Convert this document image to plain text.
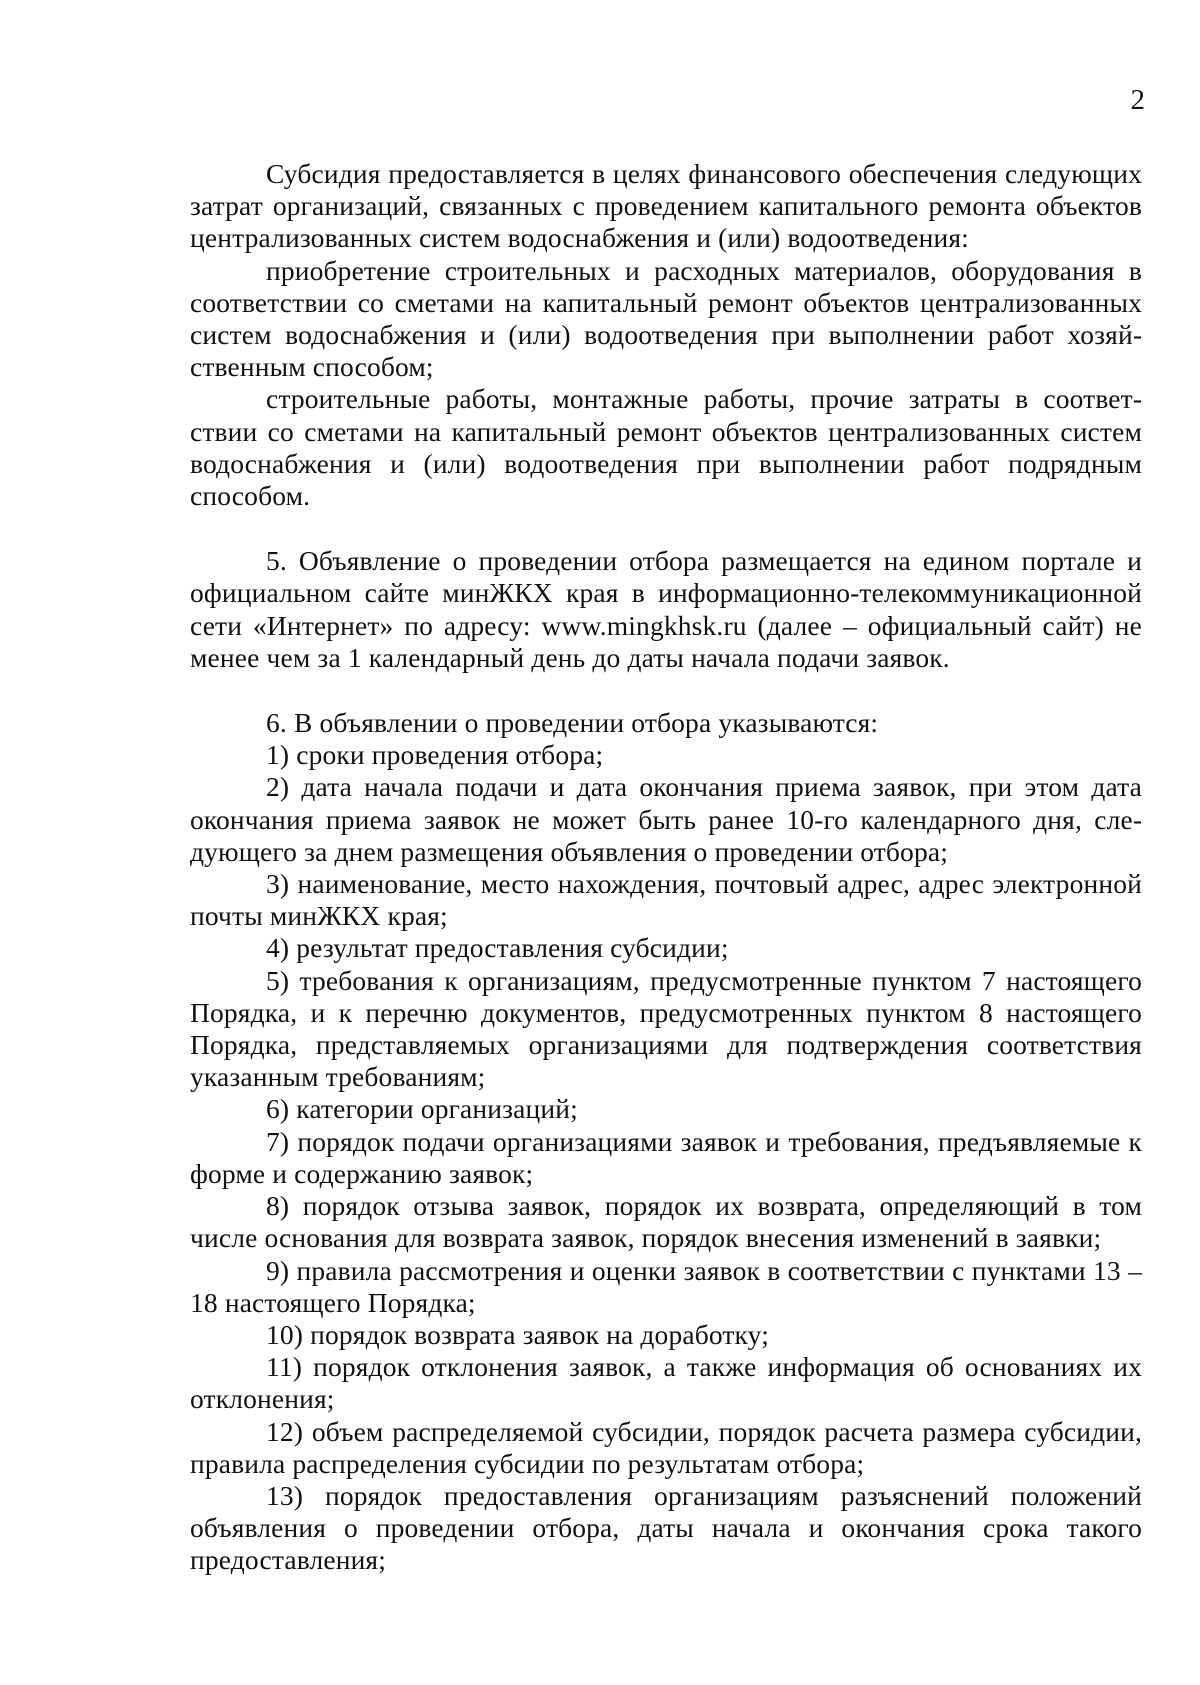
2

Субсидия предоставляется в целях финансового обеспечения следующих затрат организаций, связанных с проведением капитального ремонта объектов централизованных систем водоснабжения и (или) водоотведения:

приобретение строительных и расходных материалов, оборудования в соответствии со сметами на капитальный ремонт объектов централизованных систем водоснабжения и (или) водоотведения при выполнении работ хозяйственным способом;

строительные работы, монтажные работы, прочие затраты в соответствии со сметами на капитальный ремонт объектов централизованных систем водоснабжения и (или) водоотведения при выполнении работ подрядным способом.

5. Объявление о проведении отбора размещается на едином портале и официальном сайте минЖКХ края в информационно-телекоммуникационной сети «Интернет» по адресу: www.mingkhsk.ru (далее – официальный сайт) не менее чем за 1 календарный день до даты начала подачи заявок.

6. В объявлении о проведении отбора указываются:

1) сроки проведения отбора;

2) дата начала подачи и дата окончания приема заявок, при этом дата окончания приема заявок не может быть ранее 10-го календарного дня, следующего за днем размещения объявления о проведении отбора;

3) наименование, место нахождения, почтовый адрес, адрес электронной почты минЖКХ края;

4) результат предоставления субсидии;

5) требования к организациям, предусмотренные пунктом 7 настоящего Порядка, и к перечню документов, предусмотренных пунктом 8 настоящего Порядка, представляемых организациями для подтверждения соответствия указанным требованиям;

6) категории организаций;

7) порядок подачи организациями заявок и требования, предъявляемые к форме и содержанию заявок;

8) порядок отзыва заявок, порядок их возврата, определяющий в том числе основания для возврата заявок, порядок внесения изменений в заявки;

9) правила рассмотрения и оценки заявок в соответствии с пунктами 13 – 18 настоящего Порядка;

10) порядок возврата заявок на доработку;

11) порядок отклонения заявок, а также информация об основаниях их отклонения;

12) объем распределяемой субсидии, порядок расчета размера субсидии, правила распределения субсидии по результатам отбора;

13) порядок предоставления организациям разъяснений положений объявления о проведении отбора, даты начала и окончания срока такого предоставления;
